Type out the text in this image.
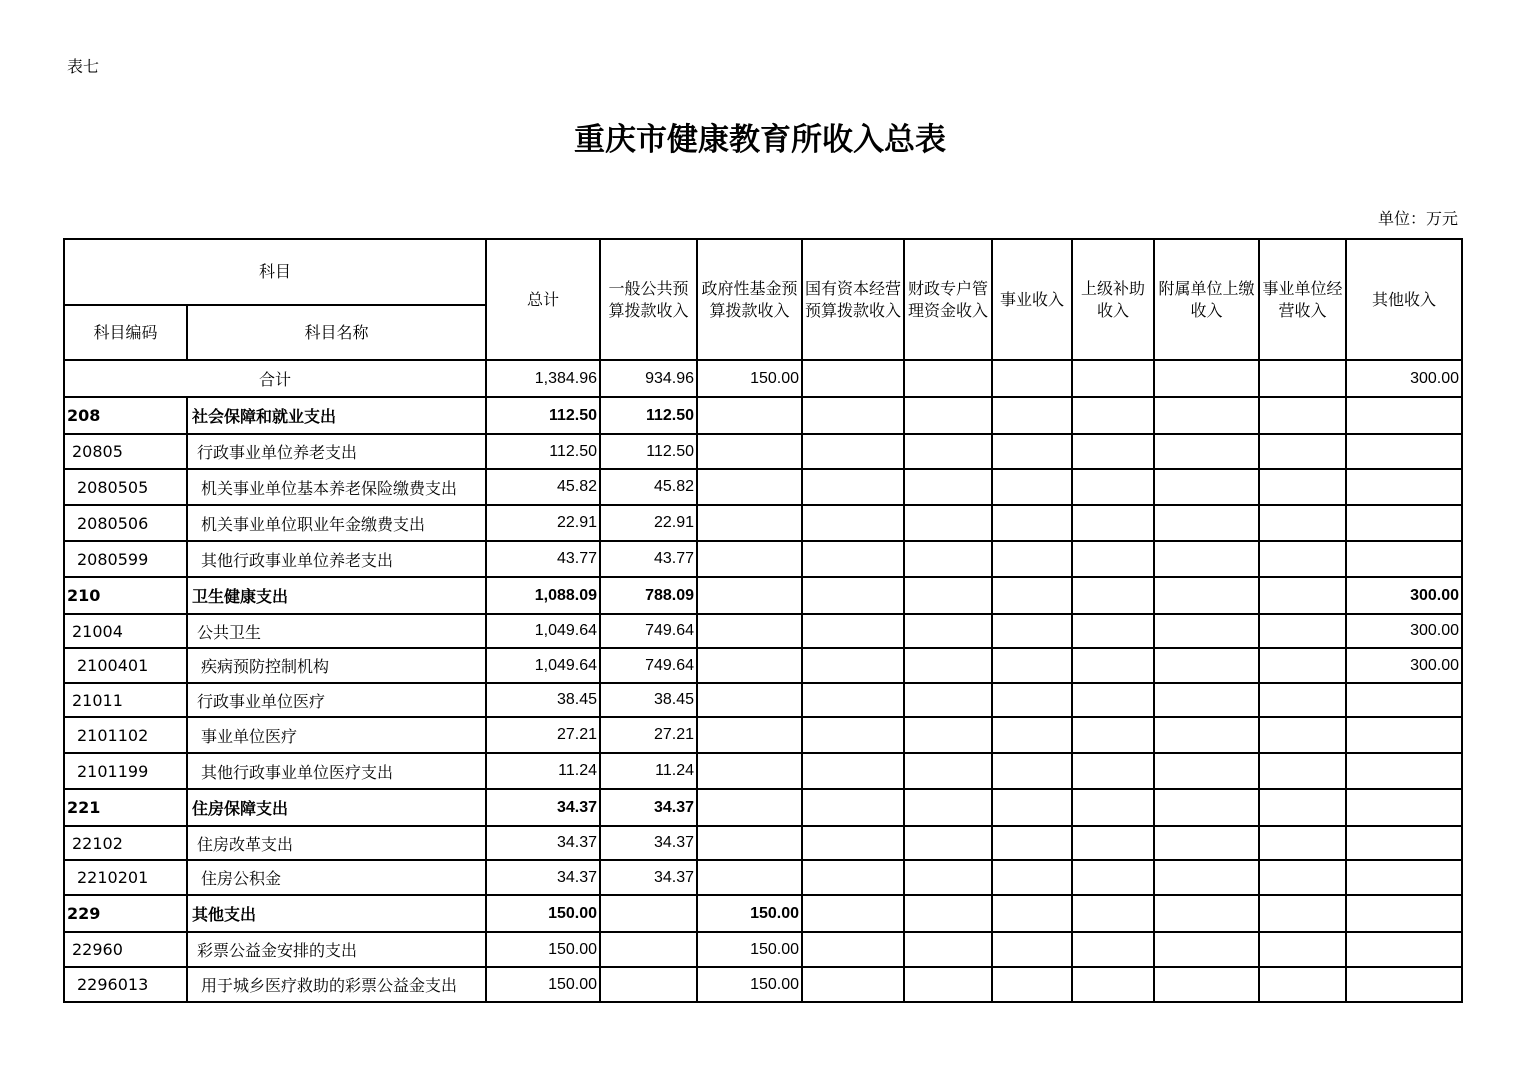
表七
重庆市健康教育所收入总表
单位：万元
科目		总计	一般公共预算拨款收入	政府性基金预算拨款收入	国有资本经营预算拨款收入	财政专户管理资金收入	事业收入	上级补助收入	附属单位上缴收入	事业单位经营收入	其他收入
科目编码	科目名称										
合计		1,384.96	934.96	150.00							300.00
208	社会保障和就业支出	112.50	112.50								
20805	行政事业单位养老支出	112.50	112.50								
2080505	机关事业单位基本养老保险缴费支出	45.82	45.82								
2080506	机关事业单位职业年金缴费支出	22.91	22.91								
2080599	其他行政事业单位养老支出	43.77	43.77								
210	卫生健康支出	1,088.09	788.09								300.00
21004	公共卫生	1,049.64	749.64								300.00
2100401	疾病预防控制机构	1,049.64	749.64								300.00
21011	行政事业单位医疗	38.45	38.45								
2101102	事业单位医疗	27.21	27.21								
2101199	其他行政事业单位医疗支出	11.24	11.24								
221	住房保障支出	34.37	34.37								
22102	住房改革支出	34.37	34.37								
2210201	住房公积金	34.37	34.37								
229	其他支出	150.00		150.00							
22960	彩票公益金安排的支出	150.00		150.00							
2296013	用于城乡医疗救助的彩票公益金支出	150.00		150.00							
